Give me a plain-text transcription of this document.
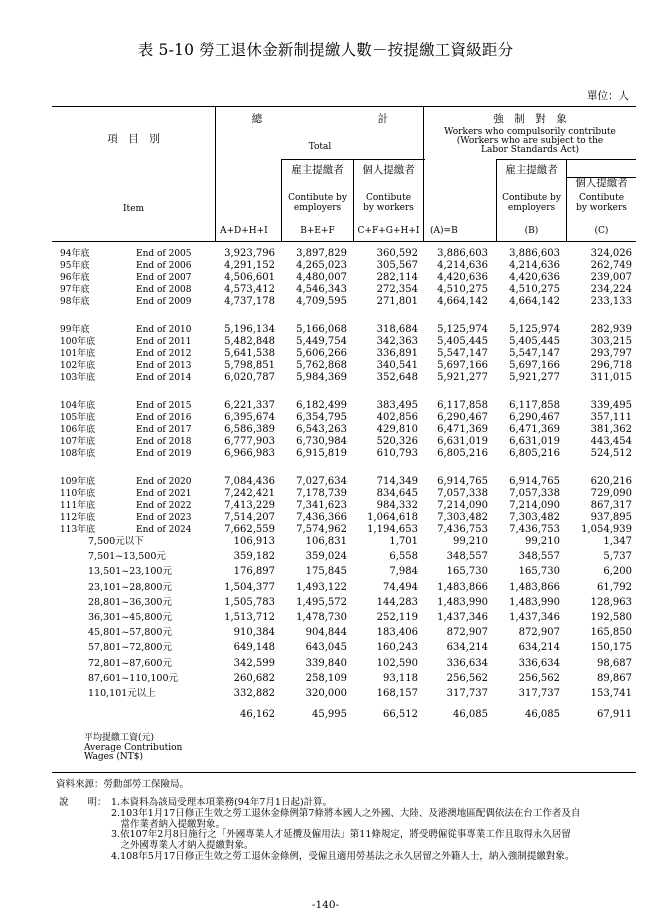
表 5-10 勞工退休金新制提繳人數－按提繳工資級距分
單位：人
項　目　別
Item
總　　　　　　　　　　　計
Total
強　制　對　象
Workers who compulsorily contribute
(Workers who are subject to the
Labor Standards Act)
雇主提繳者
Contibute by employers
個人提繳者
Contibute by workers
雇主提繳者
Contibute by employers
個人提繳者
Contibute by workers
A+D+H+I	B+E+F	C+F+G+H+I	(A)=B	(B)	(C)
94年底	End of 2005	3,923,796	3,897,829	360,592	3,886,603	3,886,603	324,026
95年底	End of 2006	4,291,152	4,265,023	305,567	4,214,636	4,214,636	262,749
96年底	End of 2007	4,506,601	4,480,007	282,114	4,420,636	4,420,636	239,007
97年底	End of 2008	4,573,412	4,546,343	272,354	4,510,275	4,510,275	234,224
98年底	End of 2009	4,737,178	4,709,595	271,801	4,664,142	4,664,142	233,133
99年底	End of 2010	5,196,134	5,166,068	318,684	5,125,974	5,125,974	282,939
100年底	End of 2011	5,482,848	5,449,754	342,363	5,405,445	5,405,445	303,215
101年底	End of 2012	5,641,538	5,606,266	336,891	5,547,147	5,547,147	293,797
102年底	End of 2013	5,798,851	5,762,868	340,541	5,697,166	5,697,166	296,718
103年底	End of 2014	6,020,787	5,984,369	352,648	5,921,277	5,921,277	311,015
104年底	End of 2015	6,221,337	6,182,499	383,495	6,117,858	6,117,858	339,495
105年底	End of 2016	6,395,674	6,354,795	402,856	6,290,467	6,290,467	357,111
106年底	End of 2017	6,586,389	6,543,263	429,810	6,471,369	6,471,369	381,362
107年底	End of 2018	6,777,903	6,730,984	520,326	6,631,019	6,631,019	443,454
108年底	End of 2019	6,966,983	6,915,819	610,793	6,805,216	6,805,216	524,512
109年底	End of 2020	7,084,436	7,027,634	714,349	6,914,765	6,914,765	620,216
110年底	End of 2021	7,242,421	7,178,739	834,645	7,057,338	7,057,338	729,090
111年底	End of 2022	7,413,229	7,341,623	984,332	7,214,090	7,214,090	867,317
112年底	End of 2023	7,514,207	7,436,366	1,064,618	7,303,482	7,303,482	937,895
113年底	End of 2024	7,662,559	7,574,962	1,194,653	7,436,753	7,436,753	1,054,939
7,500元以下	106,913	106,831	1,701	99,210	99,210	1,347
7,501~13,500元	359,182	359,024	6,558	348,557	348,557	5,737
13,501~23,100元	176,897	175,845	7,984	165,730	165,730	6,200
23,101~28,800元	1,504,377	1,493,122	74,494	1,483,866	1,483,866	61,792
28,801~36,300元	1,505,783	1,495,572	144,283	1,483,990	1,483,990	128,963
36,301~45,800元	1,513,712	1,478,730	252,119	1,437,346	1,437,346	192,580
45,801~57,800元	910,384	904,844	183,406	872,907	872,907	165,850
57,801~72,800元	649,148	643,045	160,243	634,214	634,214	150,175
72,801~87,600元	342,599	339,840	102,590	336,634	336,634	98,687
87,601~110,100元	260,682	258,109	93,118	256,562	256,562	89,867
110,101元以上	332,882	320,000	168,157	317,737	317,737	153,741
46,162	45,995	66,512	46,085	46,085	67,911
平均提繳工資(元)
Average Contribution
Wages (NT$)
資料來源：勞動部勞工保險局。
說　　明： 1.本資料為該局受理本項業務(94年7月1日起)計算。
2.103年1月17日修正生效之勞工退休金條例第7條將本國人之外國、大陸、及港澳地區配偶依法在台工作者及自
　當作業者納入提繳對象。
3.依107年2月8日施行之「外國專業人才延攬及僱用法」第11條規定，將受聘僱從事專業工作且取得永久居留
　之外國專業人才納入提繳對象。
4.108年5月17日修正生效之勞工退休金條例，受僱且適用勞基法之永久居留之外籍人士，納入強制提繳對象。
-140-
